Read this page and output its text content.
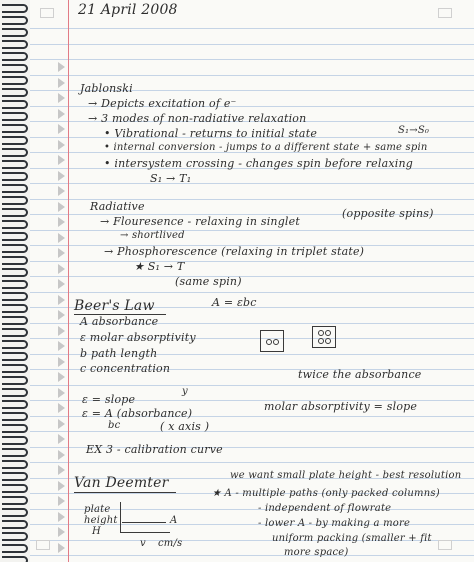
21 April 2008
Jablonski
→ Depicts excitation of e⁻
→ 3 modes of non-radiative relaxation
• Vibrational - returns to initial state	S₁→S₀
• internal conversion - jumps to a different state + same spin
• intersystem crossing - changes spin before relaxing
S₁ → T₁
Radiative
→ Flouresence - relaxing in singlet
(opposite spins)
→ shortlived
→ Phosphorescence (relaxing in triplet state)
★ S₁ → T
(same spin)
Beer's Law	A = εbc
A absorbance
ε molar absorptivity
b path length
c concentration	twice the absorbance
ε = slope
y
ε = A (absorbance)
bc	( x axis )
molar absorptivity = slope
EX 3 - calibration curve
Van Deemter	we want small plate height - best resolution
★ A - multiple paths (only packed columns)
- independent of flowrate
- lower A - by making a more
uniform packing (smaller + fit
more space)
plate
height
H
A
v cm/s
